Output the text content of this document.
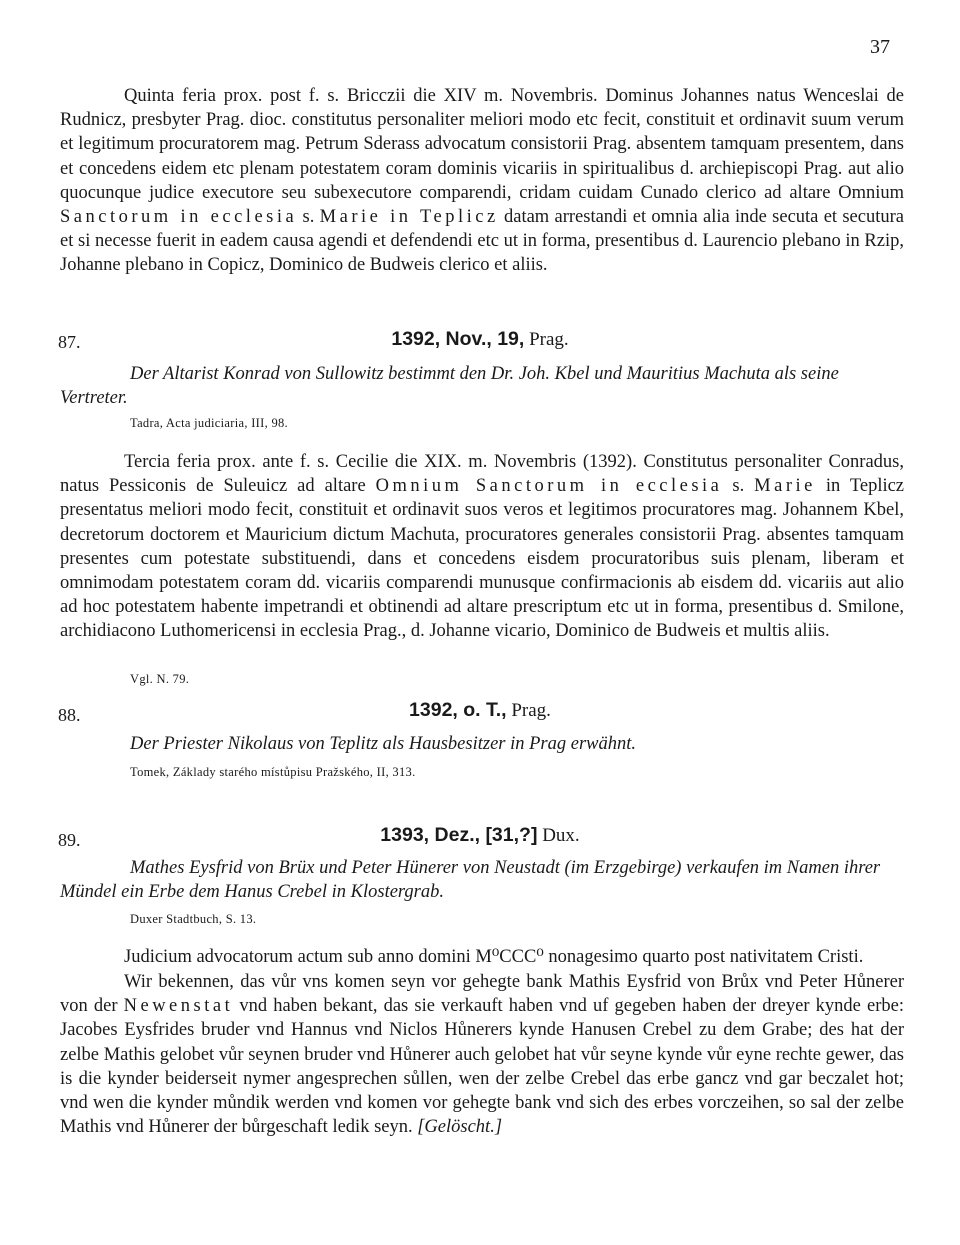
37
Quinta feria prox. post f. s. Bricczii die XIV m. Novembris. Dominus Johannes natus Wenceslai de Rudnicz, presbyter Prag. dioc. constitutus personaliter meliori modo etc fecit, constituit et ordinavit suum verum et legitimum procuratorem mag. Petrum Sderass advocatum consistorii Prag. absentem tamquam presentem, dans et concedens eidem etc plenam potestatem coram dominis vicariis in spiritualibus d. archiepiscopi Prag. aut alio quocunque judice executore seu subexecutore comparendi, cridam cuidam Cunado clerico ad altare Omnium Sanctorum in ecclesia s. Marie in Teplicz datam arrestandi et omnia alia inde secuta et secutura et si necesse fuerit in eadem causa agendi et defendendi etc ut in forma, presentibus d. Laurencio plebano in Rzip, Johanne plebano in Copicz, Dominico de Budweis clerico et aliis.
87.	1392, Nov., 19, Prag.
Der Altarist Konrad von Sullowitz bestimmt den Dr. Joh. Kbel und Mauritius Machuta als seine Vertreter.
Tadra, Acta judiciaria, III, 98.
Tercia feria prox. ante f. s. Cecilie die XIX. m. Novembris (1392). Constitutus personaliter Conradus, natus Pessiconis de Suleuicz ad altare Omnium Sanctorum in ecclesia s. Marie in Teplicz presentatus meliori modo fecit, constituit et ordinavit suos veros et legitimos procuratores mag. Johannem Kbel, decretorum doctorem et Mauricium dictum Machuta, procuratores generales consistorii Prag. absentes tamquam presentes cum potestate substituendi, dans et concedens eisdem procuratoribus suis plenam, liberam et omnimodam potestatem coram dd. vicariis comparendi munusque confirmacionis ab eisdem dd. vicariis aut alio ad hoc potestatem habente impetrandi et obtinendi ad altare prescriptum etc ut in forma, presentibus d. Smilone, archidiacono Luthomericensi in ecclesia Prag., d. Johanne vicario, Dominico de Budweis et multis aliis.
Vgl. N. 79.
88.	1392, o. T., Prag.
Der Priester Nikolaus von Teplitz als Hausbesitzer in Prag erwähnt.
Tomek, Základy starého místůpisu Pražského, II, 313.
89.	1393, Dez., [31,?] Dux.
Mathes Eysfrid von Brüx und Peter Hünerer von Neustadt (im Erzgebirge) verkaufen im Namen ihrer Mündel ein Erbe dem Hanus Crebel in Klostergrab.
Duxer Stadtbuch, S. 13.
Judicium advocatorum actum sub anno domini M⁰CCC⁰ nonagesimo quarto post nativitatem Cristi.
Wir bekennen, das vůr vns komen seyn vor gehegte bank Mathis Eysfrid von Brůx vnd Peter Hůnerer von der Newenstat vnd haben bekant, das sie verkauft haben vnd uf gegeben haben der dreyer kynde erbe: Jacobes Eysfrides bruder vnd Hannus vnd Niclos Hůnerers kynde Hanusen Crebel zu dem Grabe; des hat der zelbe Mathis gelobet vůr seynen bruder vnd Hůnerer auch gelobet hat vůr seyne kynde vůr eyne rechte gewer, das is die kynder beiderseit nymer angesprechen sůllen, wen der zelbe Crebel das erbe gancz vnd gar beczalet hot; vnd wen die kynder můndik werden vnd komen vor gehegte bank vnd sich des erbes vorczeihen, so sal der zelbe Mathis vnd Hůnerer der bůrgeschaft ledik seyn. [Gelöscht.]
